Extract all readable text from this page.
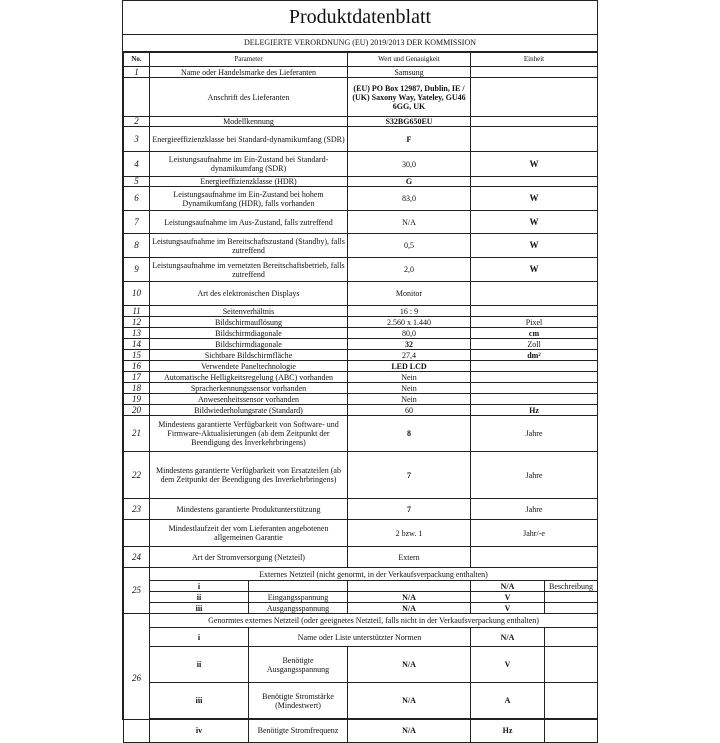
Produktdatenblatt
DELEGIERTE VERORDNUNG (EU) 2019/2013 DER KOMMISSION
No.	Parameter		Wert und Genauigkeit	Einheit	
1	Name oder Handelsmarke des Lieferanten		Samsung		
	Anschrift des Lieferanten		(EU) PO Box 12987, Dublin, IE / (UK) Saxony Way, Yateley, GU46 6GG, UK		
2	Modellkennung		S32BG650EU		
3	Energieeffizienzklasse bei Standard-dynamikumfang (SDR)		F		
4	Leistungsaufnahme im Ein-Zustand bei Standard-dynamikumfang (SDR)		30,0	W	
5	Energieeffizienzklasse (HDR)		G		
6	Leistungsaufnahme im Ein-Zustand bei hohem Dynamikumfang (HDR), falls vorhanden		83,0	W	
7	Leistungsaufnahme im Aus-Zustand, falls zutreffend		N/A	W	
8	Leistungsaufnahme im Bereitschaftszustand (Standby), falls zutreffend		0,5	W	
9	Leistungsaufnahme im vernetzten Bereitschaftsbetrieb, falls zutreffend		2,0	W	
10	Art des elektronischen Displays		Monitor		
11	Seitenverhältnis		16 : 9		
12	Bildschirmauflösung		2.560 x 1.440	Pixel	
13	Bildschirmdiagonale		80,0	cm	
14	Bildschirmdiagonale		32	Zoll	
15	Sichtbare Bildschirmfläche		27,4	dm²	
16	Verwendete Paneltechnologie		LED LCD		
17	Automatische Helligkeitsregelung (ABC) vorhanden		Nein		
18	Spracherkennungssensor vorhanden		Nein		
19	Anwesenheitssensor vorhanden		Nein		
20	Bildwiederholungsrate (Standard)		60	Hz	
21	Mindestens garantierte Verfügbarkeit von Software- und Firmware-Aktualisierungen (ab dem Zeitpunkt der Beendigung des Inverkehrbringens)		8	Jahre	
22	Mindestens garantierte Verfügbarkeit von Ersatzteilen (ab dem Zeitpunkt der Beendigung des Inverkehrbringens)		7	Jahre	
23	Mindestens garantierte Produktunterstützung		7	Jahre	
	Mindestlaufzeit der vom Lieferanten angebotenen allgemeinen Garantie		2 bzw. 1	Jahr/-e	
24	Art der Stromversorgung (Netzteil)		Extern		
25	Externes Netzteil (nicht genormt, in der Verkaufsverpackung enthalten)				
	i			N/A	Beschreibung
	ii	Eingangsspannung	N/A	V	
	iii	Ausgangsspannung	N/A	V	
26	Genormtes externes Netzteil (oder geeignetes Netzteil, falls nicht in der Verkaufsverpackung enthalten)				
	i	Name oder Liste unterstützter Normen		N/A	
	ii	Benötigte Ausgangsspannung	N/A	V	
	iii	Benötigte Stromstärke (Mindestwert)	N/A	A	
	iv	Benötigte Stromfrequenz	N/A	Hz	
